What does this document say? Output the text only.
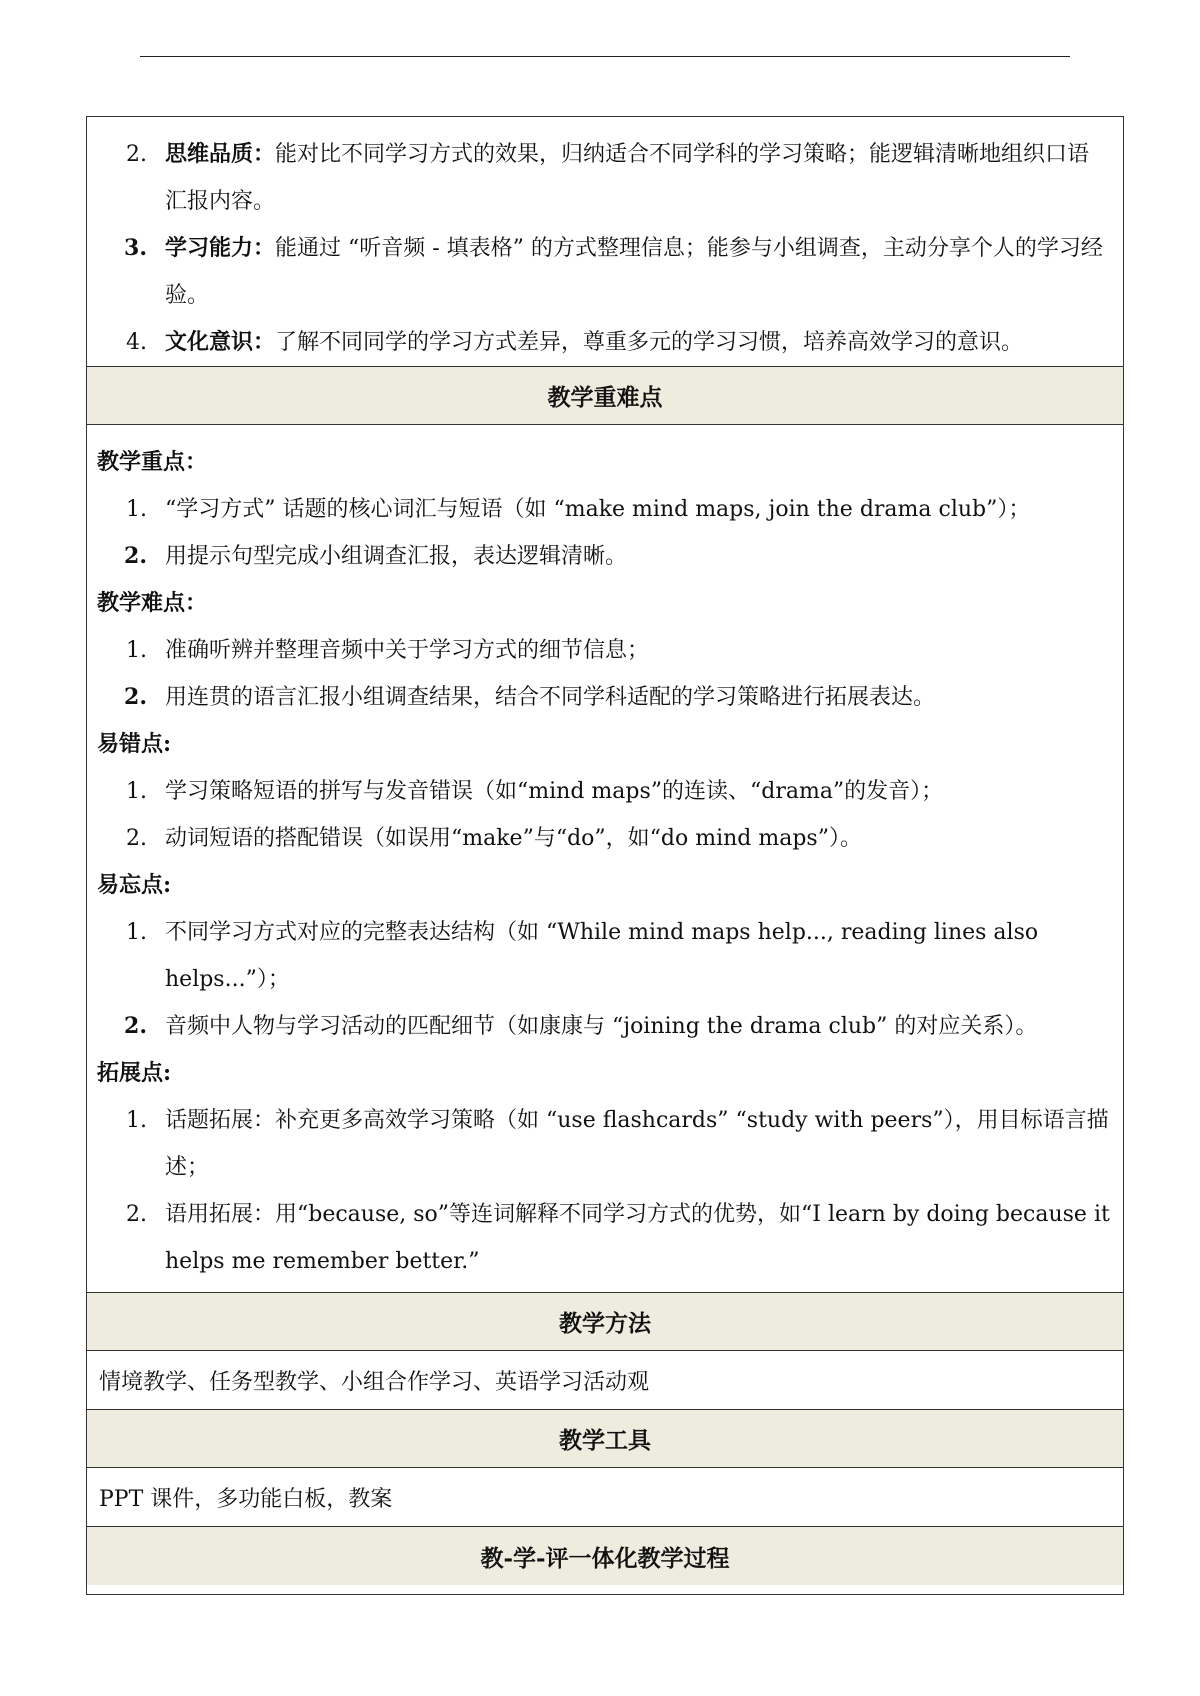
2. 思维品质：能对比不同学习方式的效果，归纳适合不同学科的学习策略；能逻辑清晰地组织口语汇报内容。
3. 学习能力：能通过 “听音频 - 填表格” 的方式整理信息；能参与小组调查，主动分享个人的学习经验。
4. 文化意识：了解不同同学的学习方式差异，尊重多元的学习习惯，培养高效学习的意识。
教学重难点
教学重点：
1. “学习方式” 话题的核心词汇与短语（如 “make mind maps, join the drama club”）；
2. 用提示句型完成小组调查汇报，表达逻辑清晰。
教学难点：
1. 准确听辨并整理音频中关于学习方式的细节信息；
2. 用连贯的语言汇报小组调查结果，结合不同学科适配的学习策略进行拓展表达。
易错点:
1. 学习策略短语的拼写与发音错误（如“mind maps”的连读、“drama”的发音）；
2. 动词短语的搭配错误（如误用“make”与“do”，如“do mind maps”）。
易忘点:
1. 不同学习方式对应的完整表达结构（如 “While mind maps help..., reading lines also helps...”）；
2. 音频中人物与学习活动的匹配细节（如康康与 “joining the drama club” 的对应关系）。
拓展点:
1. 话题拓展：补充更多高效学习策略（如 “use flashcards” “study with peers”），用目标语言描述；
2. 语用拓展：用“because, so”等连词解释不同学习方式的优势，如“I learn by doing because it helps me remember better.”
教学方法
情境教学、任务型教学、小组合作学习、英语学习活动观
教学工具
PPT 课件，多功能白板，教案
教-学-评一体化教学过程
